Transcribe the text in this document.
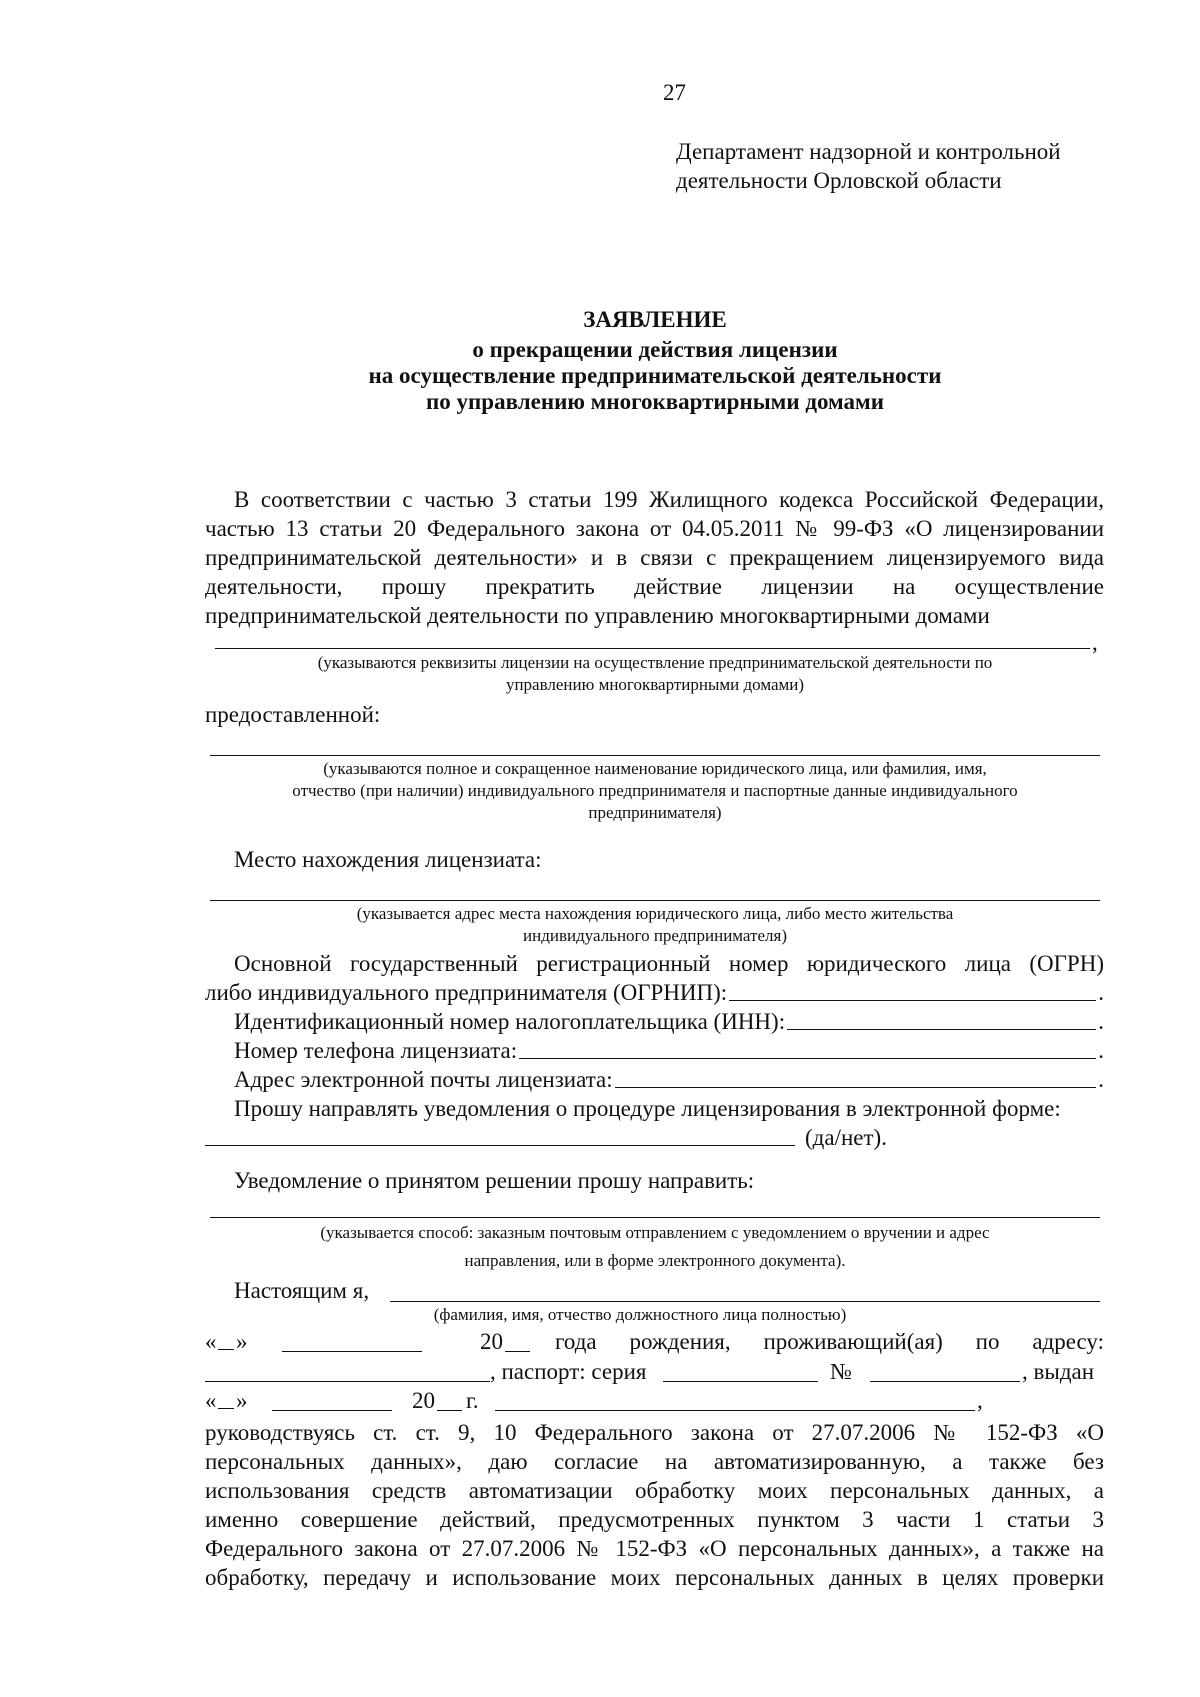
27
Департамент надзорной и контрольной
деятельности Орловской области
ЗАЯВЛЕНИЕ
о прекращении действия лицензии
на осуществление предпринимательской деятельности
по управлению многоквартирными домами
В соответствии с частью 3 статьи 199 Жилищного кодекса Российской Федерации,
частью 13 статьи 20 Федерального закона от 04.05.2011 № 99-ФЗ «О лицензировании
предпринимательской деятельности» и в связи с прекращением лицензируемого вида
деятельности, прошу прекратить действие лицензии на осуществление
предпринимательской деятельности по управлению многоквартирными домами
,
(указываются реквизиты лицензии на осуществление предпринимательской деятельности по
управлению многоквартирными домами)
предоставленной:
(указываются полное и сокращенное наименование юридического лица, или фамилия, имя,
отчество (при наличии) индивидуального предпринимателя и паспортные данные индивидуального
предпринимателя)
Место нахождения лицензиата:
(указывается адрес места нахождения юридического лица, либо место жительства
индивидуального предпринимателя)
Основной государственный регистрационный номер юридического лица (ОГРН)
либо индивидуального предпринимателя (ОГРНИП):	.
Идентификационный номер налогоплательщика (ИНН):	.
Номер телефона лицензиата:	.
Адрес электронной почты лицензиата:	.
Прошу направлять уведомления о процедуре лицензирования в электронной форме:
(да/нет).
Уведомление о принятом решении прошу направить:
(указывается способ: заказным почтовым отправлением с уведомлением о вручении и адрес
направления, или в форме электронного документа).
Настоящим я,
(фамилия, имя, отчество должностного лица полностью)
« »	20 года рождения, проживающий(ая) по адресу:
, паспорт: серия	№	, выдан
« »	20 г.	,
руководствуясь ст. ст. 9, 10 Федерального закона от 27.07.2006 № 152-ФЗ «О
персональных данных», даю согласие на автоматизированную, а также без
использования средств автоматизации обработку моих персональных данных, а
именно совершение действий, предусмотренных пунктом 3 части 1 статьи 3
Федерального закона от 27.07.2006 № 152-ФЗ «О персональных данных», а также на
обработку, передачу и использование моих персональных данных в целях проверки
